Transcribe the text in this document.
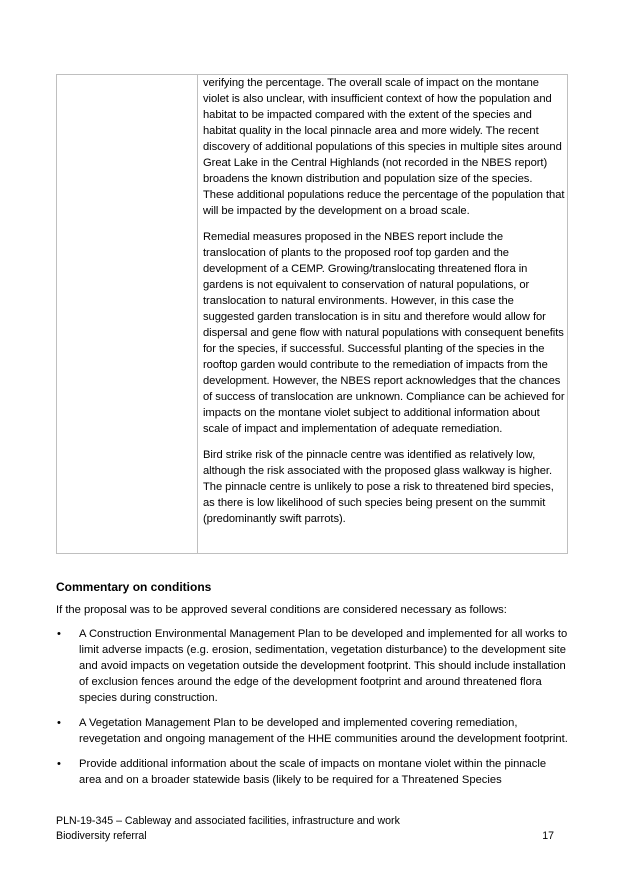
verifying the percentage. The overall scale of impact on the montane violet is also unclear, with insufficient context of how the population and habitat to be impacted compared with the extent of the species and habitat quality in the local pinnacle area and more widely. The recent discovery of additional populations of this species in multiple sites around Great Lake in the Central Highlands (not recorded in the NBES report) broadens the known distribution and population size of the species. These additional populations reduce the percentage of the population that will be impacted by the development on a broad scale.

Remedial measures proposed in the NBES report include the translocation of plants to the proposed roof top garden and the development of a CEMP. Growing/translocating threatened flora in gardens is not equivalent to conservation of natural populations, or translocation to natural environments. However, in this case the suggested garden translocation is in situ and therefore would allow for dispersal and gene flow with natural populations with consequent benefits for the species, if successful. Successful planting of the species in the rooftop garden would contribute to the remediation of impacts from the development. However, the NBES report acknowledges that the chances of success of translocation are unknown. Compliance can be achieved for impacts on the montane violet subject to additional information about scale of impact and implementation of adequate remediation.

Bird strike risk of the pinnacle centre was identified as relatively low, although the risk associated with the proposed glass walkway is higher. The pinnacle centre is unlikely to pose a risk to threatened bird species, as there is low likelihood of such species being present on the summit (predominantly swift parrots).

Commentary on conditions

If the proposal was to be approved several conditions are considered necessary as follows:

• A Construction Environmental Management Plan to be developed and implemented for all works to limit adverse impacts (e.g. erosion, sedimentation, vegetation disturbance) to the development site and avoid impacts on vegetation outside the development footprint. This should include installation of exclusion fences around the edge of the development footprint and around threatened flora species during construction.
• A Vegetation Management Plan to be developed and implemented covering remediation, revegetation and ongoing management of the HHE communities around the development footprint.
• Provide additional information about the scale of impacts on montane violet within the pinnacle area and on a broader statewide basis (likely to be required for a Threatened Species
PLN-19-345 – Cableway and associated facilities, infrastructure and work
Biodiversity referral	17
